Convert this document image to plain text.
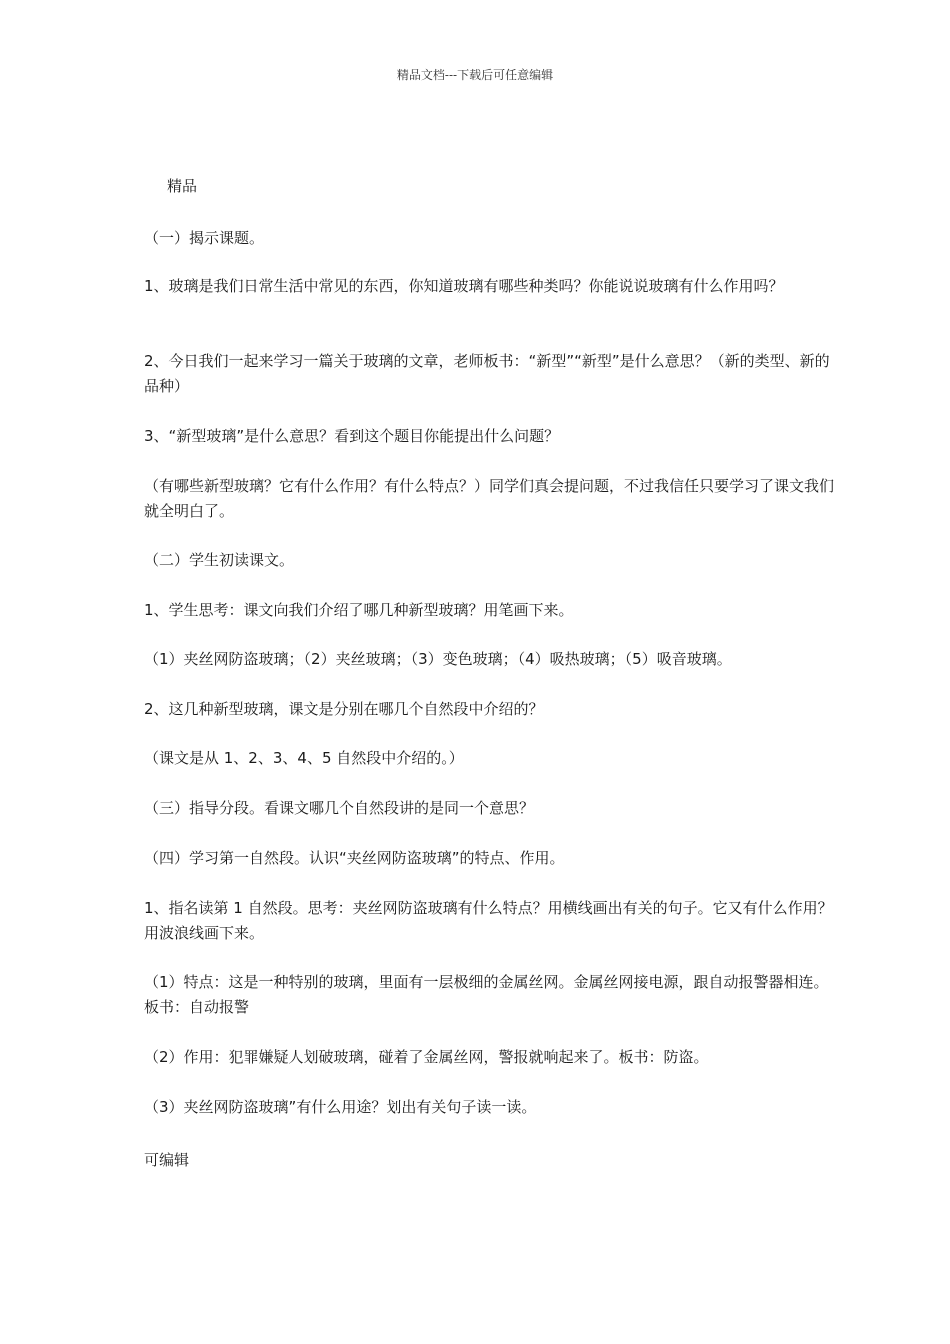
精品文档---下载后可任意编辑
精品
（一）揭示课题。
1、玻璃是我们日常生活中常见的东西，你知道玻璃有哪些种类吗？你能说说玻璃有什么作用吗？
2、今日我们一起来学习一篇关于玻璃的文章，老师板书：“新型”“新型”是什么意思？（新的类型、新的品种）
3、“新型玻璃”是什么意思？看到这个题目你能提出什么问题？
（有哪些新型玻璃？它有什么作用？有什么特点？）同学们真会提问题，不过我信任只要学习了课文我们就全明白了。
（二）学生初读课文。
1、学生思考：课文向我们介绍了哪几种新型玻璃？用笔画下来。
（1）夹丝网防盗玻璃；（2）夹丝玻璃；（3）变色玻璃；（4）吸热玻璃；（5）吸音玻璃。
2、这几种新型玻璃，课文是分别在哪几个自然段中介绍的？
（课文是从 1、2、3、4、5 自然段中介绍的。）
（三）指导分段。看课文哪几个自然段讲的是同一个意思？
（四）学习第一自然段。认识“夹丝网防盗玻璃”的特点、作用。
1、指名读第 1 自然段。思考：夹丝网防盗玻璃有什么特点？用横线画出有关的句子。它又有什么作用？用波浪线画下来。
（1）特点：这是一种特别的玻璃，里面有一层极细的金属丝网。金属丝网接电源，跟自动报警器相连。板书：自动报警
（2）作用：犯罪嫌疑人划破玻璃，碰着了金属丝网，警报就响起来了。板书：防盗。
（3）夹丝网防盗玻璃”有什么用途？划出有关句子读一读。
可编辑
